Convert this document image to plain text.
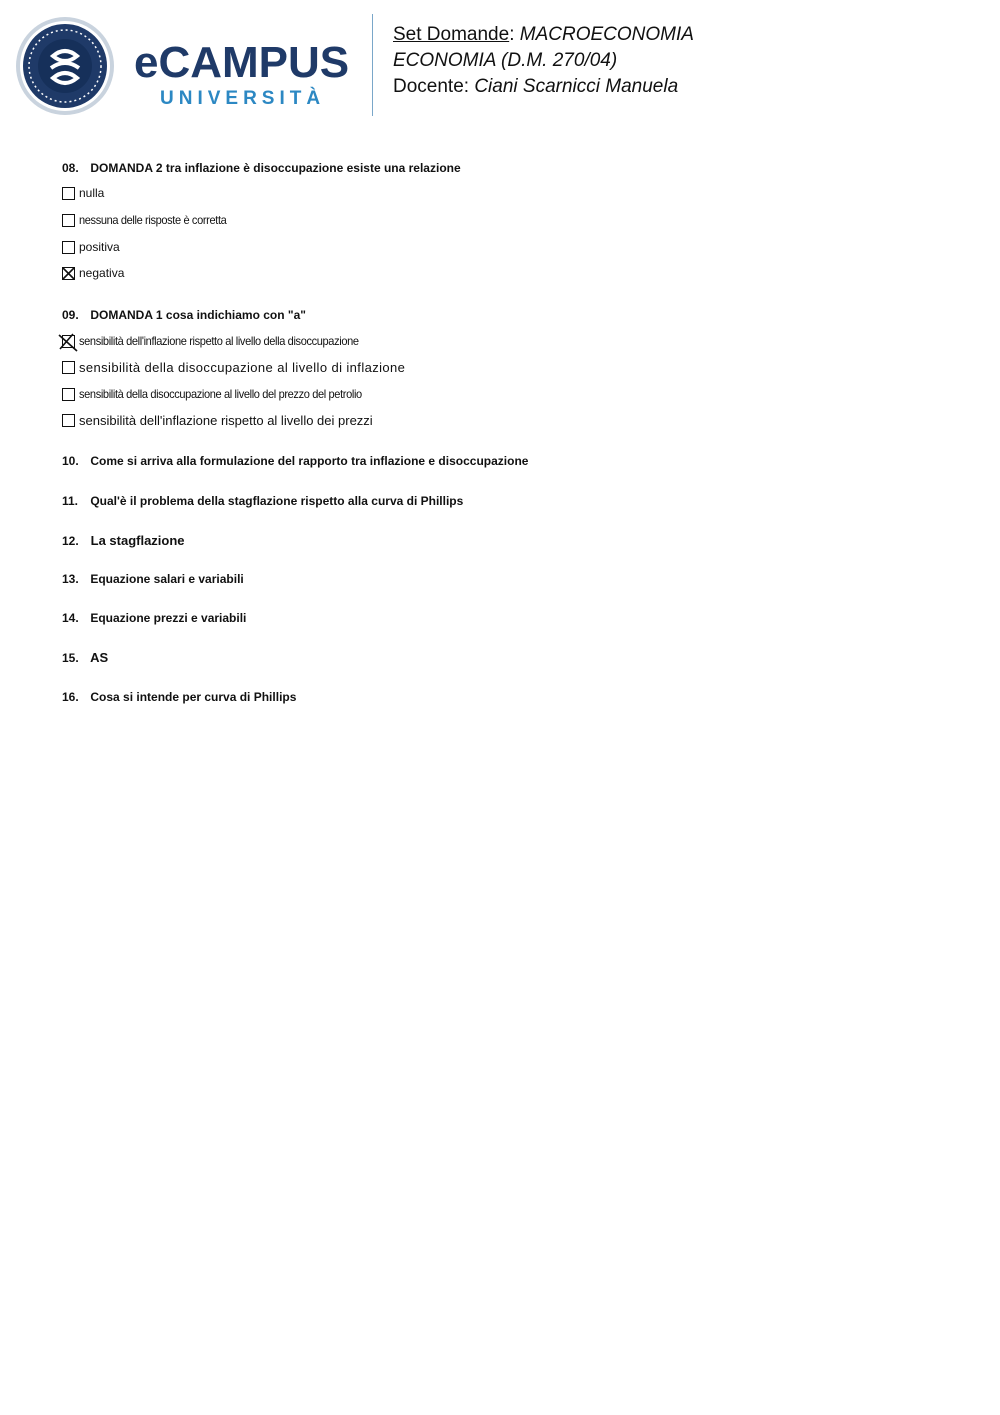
eCAMPUS
UNIVERSITÀ
Set Domande: MACROECONOMIA
ECONOMIA (D.M. 270/04)
Docente: Ciani Scarnicci Manuela
08. DOMANDA 2 tra inflazione è disoccupazione esiste una relazione
nulla
nessuna delle risposte è corretta
positiva
negativa
09. DOMANDA 1 cosa indichiamo con "a"
sensibilità dell'inflazione rispetto al livello della disoccupazione
sensibilità della disoccupazione al livello di inflazione
sensibilità della disoccupazione al livello del prezzo del petrolio
sensibilità dell'inflazione rispetto al livello dei prezzi
10. Come si arriva alla formulazione del rapporto tra inflazione e disoccupazione
11. Qual'è il problema della stagflazione rispetto alla curva di Phillips
12. La stagflazione
13. Equazione salari e variabili
14. Equazione prezzi e variabili
15. AS
16. Cosa si intende per curva di Phillips
